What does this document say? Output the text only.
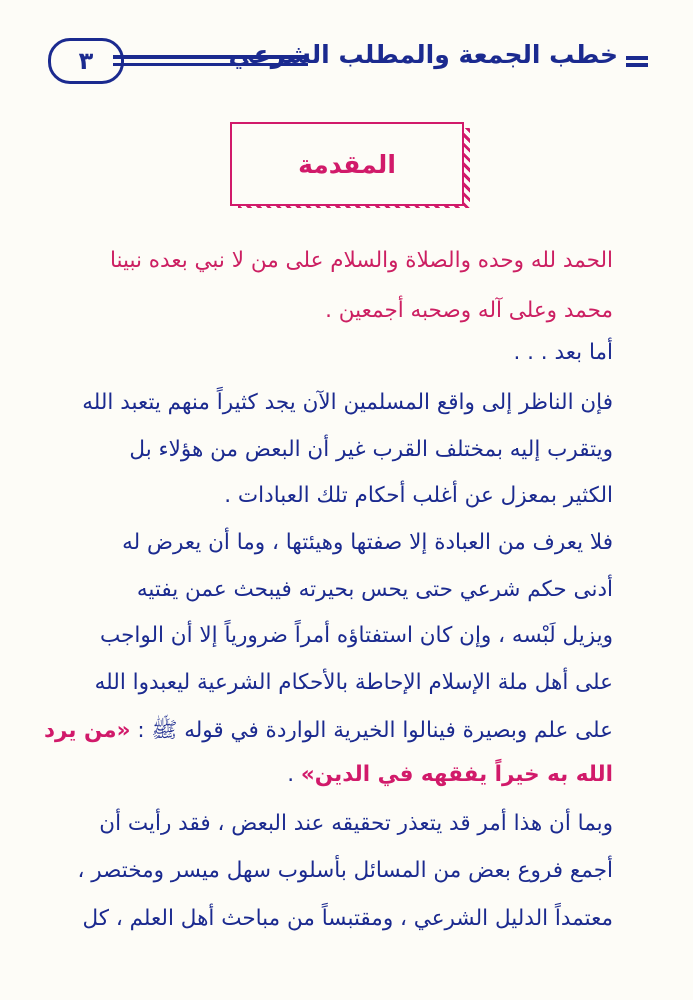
٣	خطب الجمعة والمطلب الشرعي
المقدمة

الحمد لله وحده والصلاة والسلام على من لا نبي بعده نبينا

محمد وعلى آله وصحبه أجمعين .

أما بعد . . .

فإن الناظر إلى واقع المسلمين الآن يجد كثيراً منهم يتعبد الله

ويتقرب إليه بمختلف القرب غير أن البعض من هؤلاء بل

الكثير بمعزل عن أغلب أحكام تلك العبادات .

فلا يعرف من العبادة إلا صفتها وهيئتها ، وما أن يعرض له

أدنى حكم شرعي حتى يحس بحيرته فيبحث عمن يفتيه

ويزيل لَبْسه ، وإن كان استفتاؤه أمراً ضرورياً إلا أن الواجب

على أهل ملة الإسلام الإحاطة بالأحكام الشرعية ليعبدوا الله

على علم وبصيرة فينالوا الخيرية الواردة في قوله ﷺ : «من يرد

الله به خيراً يفقهه في الدين» .

وبما أن هذا أمر قد يتعذر تحقيقه عند البعض ، فقد رأيت أن

أجمع فروع بعض من المسائل بأسلوب سهل ميسر ومختصر ،

معتمداً الدليل الشرعي ، ومقتبساً من مباحث أهل العلم ، كل
